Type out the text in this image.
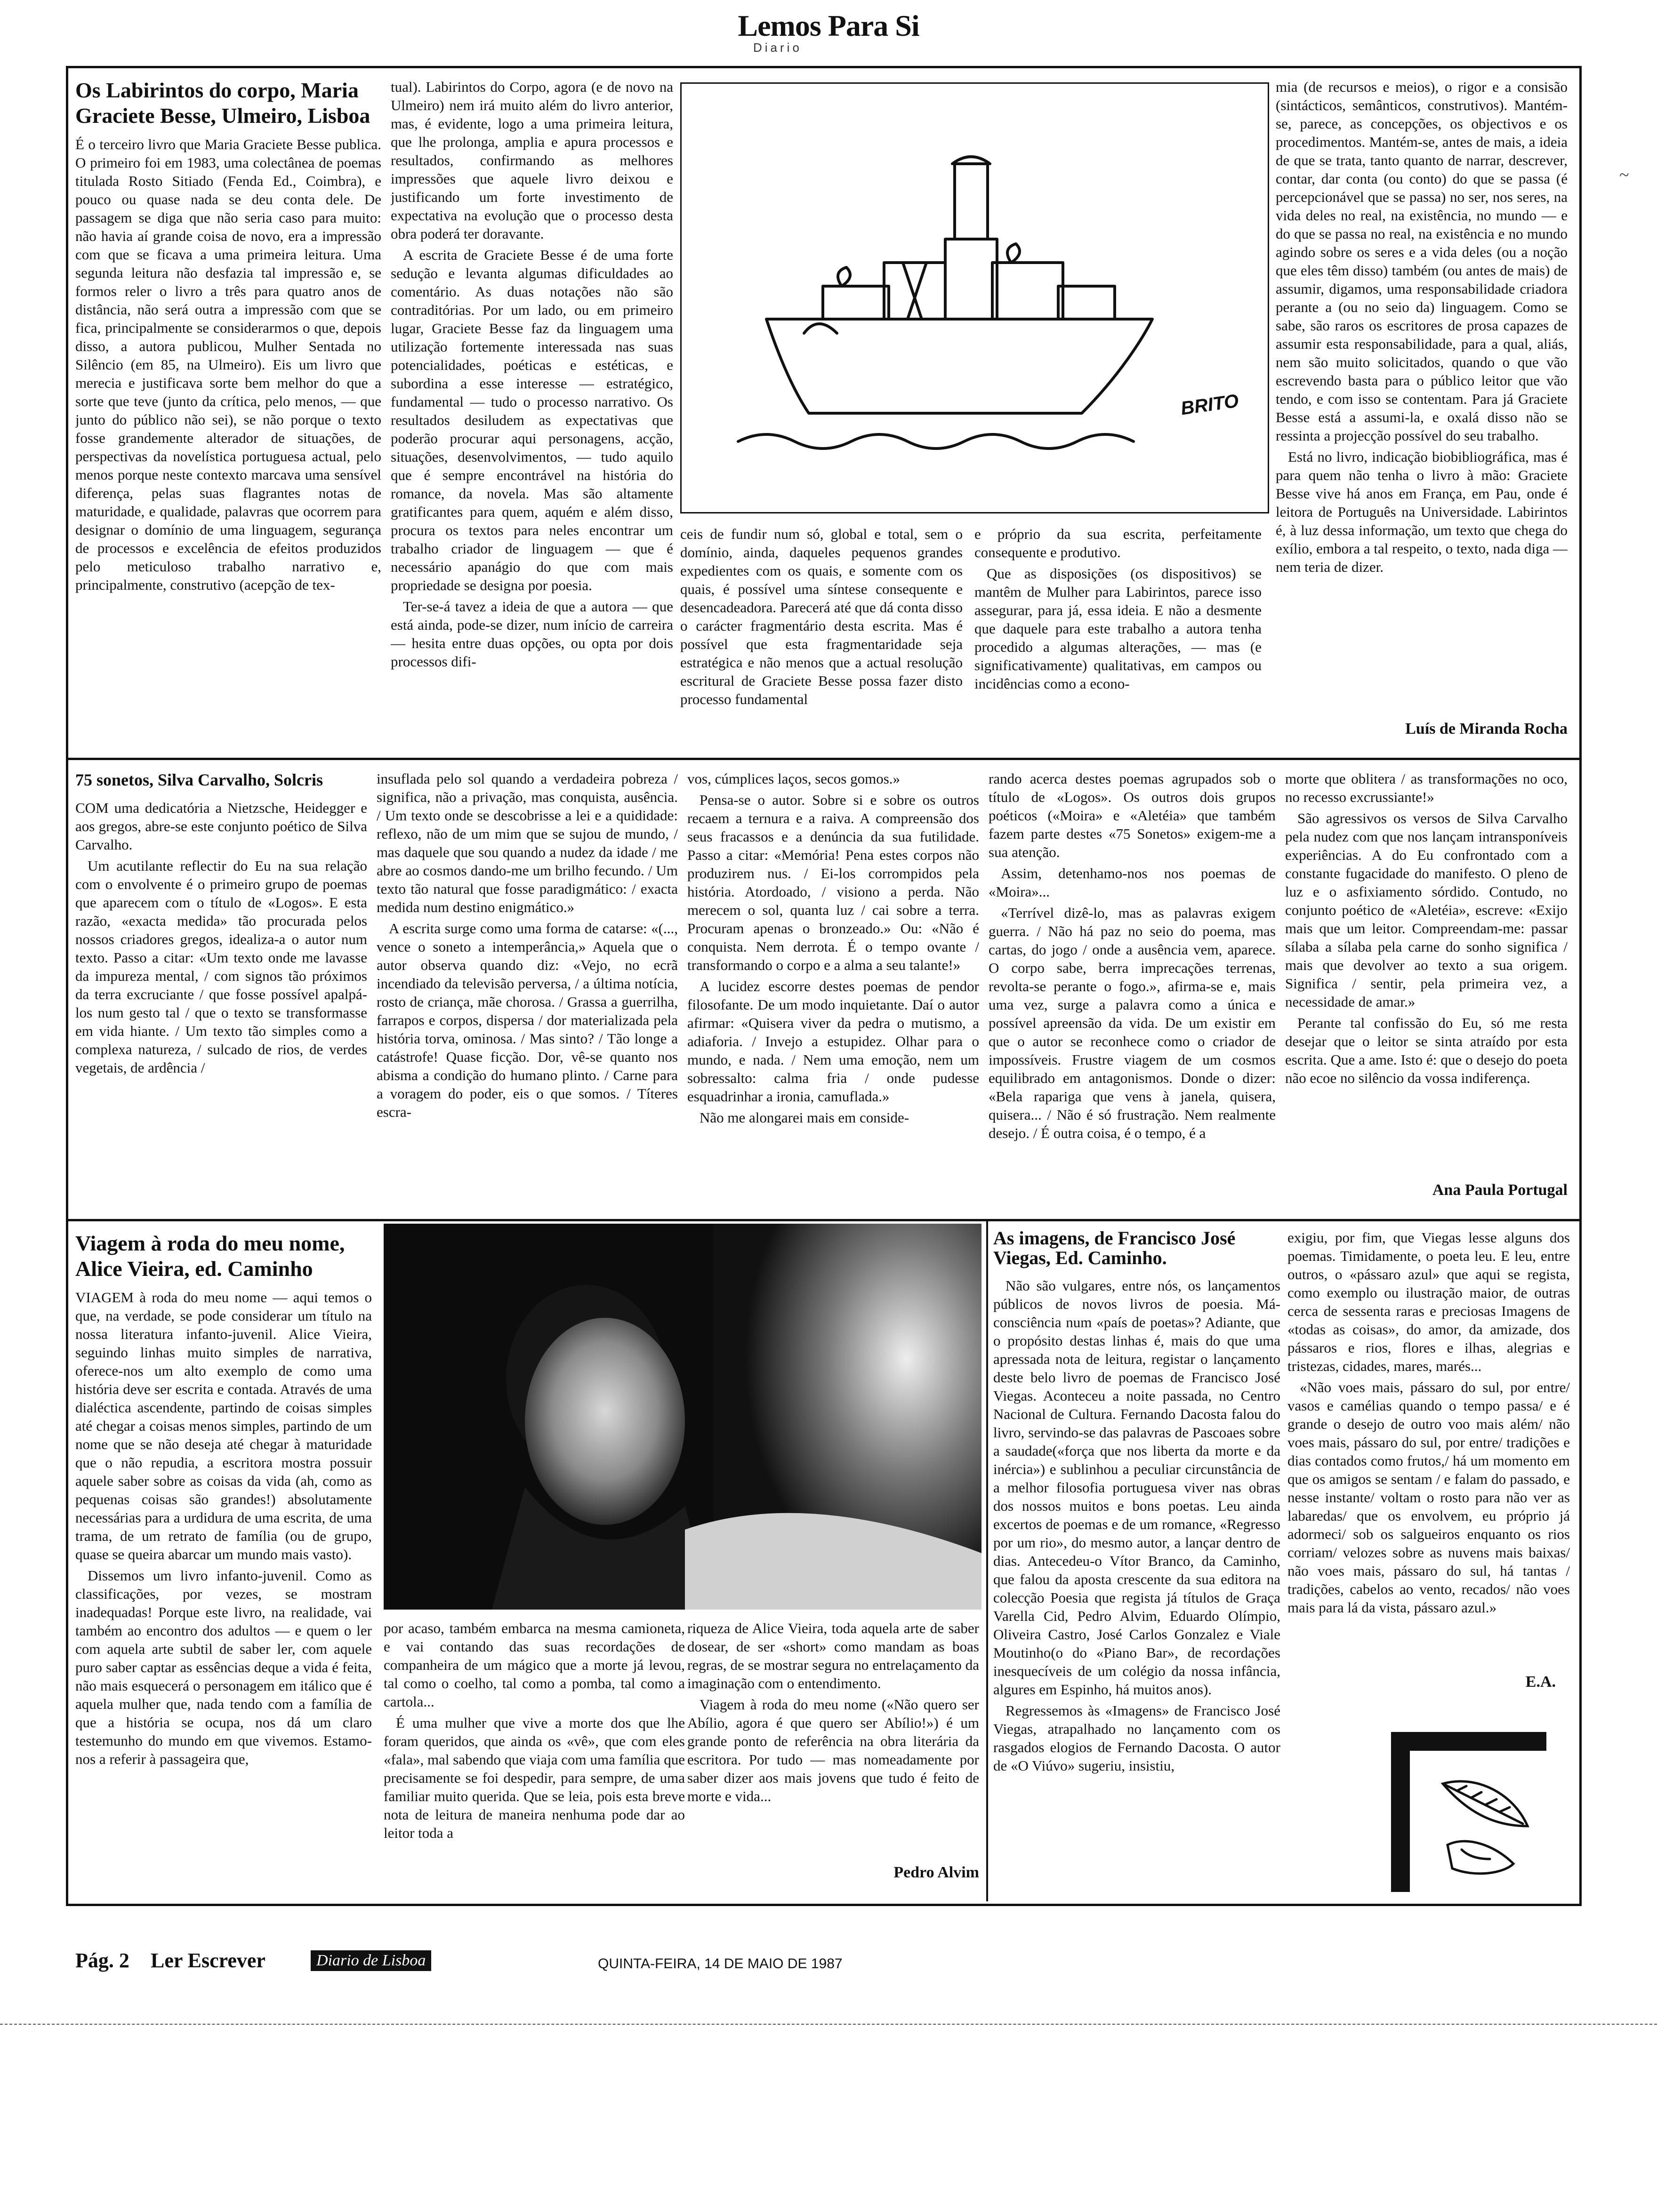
Lemos Para Si
Diario
~
Os Labirintos do corpo, Maria Graciete Besse, Ulmeiro, Lisboa

É o terceiro livro que Maria Graciete Besse publica. O primeiro foi em 1983, uma colectânea de poemas titulada Rosto Sitiado (Fenda Ed., Coimbra), e pouco ou quase nada se deu conta dele. De passagem se diga que não seria caso para muito: não havia aí grande coisa de novo, era a impressão com que se ficava a uma primeira leitura. Uma segunda leitura não desfazia tal impressão e, se formos reler o livro a três para quatro anos de distância, não será outra a impressão com que se fica, principalmente se considerarmos o que, depois disso, a autora publicou, Mulher Sentada no Silêncio (em 85, na Ulmeiro). Eis um livro que merecia e justificava sorte bem melhor do que a sorte que teve (junto da crítica, pelo menos, — que junto do público não sei), se não porque o texto fosse grandemente alterador de situações, de perspectivas da novelística portuguesa actual, pelo menos porque neste contexto marcava uma sensível diferença, pelas suas flagrantes notas de maturidade, e qualidade, palavras que ocorrem para designar o domínio de uma linguagem, segurança de processos e excelência de efeitos produzidos pelo meticuloso trabalho narrativo e, principalmente, construtivo (acepção de tex-

tual). Labirintos do Corpo, agora (e de novo na Ulmeiro) nem irá muito além do livro anterior, mas, é evidente, logo a uma primeira leitura, que lhe prolonga, amplia e apura processos e resultados, confirmando as melhores impressões que aquele livro deixou e justificando um forte investimento de expectativa na evolução que o processo desta obra poderá ter doravante.

A escrita de Graciete Besse é de uma forte sedução e levanta algumas dificuldades ao comentário. As duas notações não são contraditórias. Por um lado, ou em primeiro lugar, Graciete Besse faz da linguagem uma utilização fortemente interessada nas suas potencialidades, poéticas e estéticas, e subordina a esse interesse — estratégico, fundamental — tudo o processo narrativo. Os resultados desiludem as expectativas que poderão procurar aqui personagens, acção, situações, desenvolvimentos, — tudo aquilo que é sempre encontrável na história do romance, da novela. Mas são altamente gratificantes para quem, aquém e além disso, procura os textos para neles encontrar um trabalho criador de linguagem — que é necessário apanágio do que com mais propriedade se designa por poesia.

Ter-se-á tavez a ideia de que a autora — que está ainda, pode-se dizer, num início de carreira — hesita entre duas opções, ou opta por dois processos difi-

BRITO

ceis de fundir num só, global e total, sem o domínio, ainda, daqueles pequenos grandes expedientes com os quais, e somente com os quais, é possível uma síntese consequente e desencadeadora. Parecerá até que dá conta disso o carácter fragmentário desta escrita. Mas é possível que esta fragmentaridade seja estratégica e não menos que a actual resolução escritural de Graciete Besse possa fazer disto processo fundamental

e próprio da sua escrita, perfeitamente consequente e produtivo.

Que as disposições (os dispositivos) se mantêm de Mulher para Labirintos, parece isso assegurar, para já, essa ideia. E não a desmente que daquele para este trabalho a autora tenha procedido a algumas alterações, — mas (e significativamente) qualitativas, em campos ou incidências como a econo-

mia (de recursos e meios), o rigor e a consisão (sintácticos, semânticos, construtivos). Mantém-se, parece, as concepções, os objectivos e os procedimentos. Mantém-se, antes de mais, a ideia de que se trata, tanto quanto de narrar, descrever, contar, dar conta (ou conto) do que se passa (é percepcionável que se passa) no ser, nos seres, na vida deles no real, na existência, no mundo — e do que se passa no real, na existência e no mundo agindo sobre os seres e a vida deles (ou a noção que eles têm disso) também (ou antes de mais) de assumir, digamos, uma responsabilidade criadora perante a (ou no seio da) linguagem. Como se sabe, são raros os escritores de prosa capazes de assumir esta responsabilidade, para a qual, aliás, nem são muito solicitados, quando o que vão escrevendo basta para o público leitor que vão tendo, e com isso se contentam. Para já Graciete Besse está a assumi-la, e oxalá disso não se ressinta a projecção possível do seu trabalho.

Está no livro, indicação biobibliográfica, mas é para quem não tenha o livro à mão: Graciete Besse vive há anos em França, em Pau, onde é leitora de Português na Universidade. Labirintos é, à luz dessa informação, um texto que chega do exílio, embora a tal respeito, o texto, nada diga — nem teria de dizer.

Luís de Miranda Rocha
75 sonetos, Silva Carvalho, Solcris

COM uma dedicatória a Nietzsche, Heidegger e aos gregos, abre-se este conjunto poético de Silva Carvalho.

Um acutilante reflectir do Eu na sua relação com o envolvente é o primeiro grupo de poemas que aparecem com o título de «Logos». E esta razão, «exacta medida» tão procurada pelos nossos criadores gregos, idealiza-a o autor num texto. Passo a citar: «Um texto onde me lavasse da impureza mental, / com signos tão próximos da terra excruciante / que fosse possível apalpá-los num gesto tal / que o texto se transformasse em vida hiante. / Um texto tão simples como a complexa natureza, / sulcado de rios, de verdes vegetais, de ardência /

insuflada pelo sol quando a verdadeira pobreza / significa, não a privação, mas conquista, ausência. / Um texto onde se descobrisse a lei e a quididade: reflexo, não de um mim que se sujou de mundo, / mas daquele que sou quando a nudez da idade / me abre ao cosmos dando-me um brilho fecundo. / Um texto tão natural que fosse paradigmático: / exacta medida num destino enigmático.»

A escrita surge como uma forma de catarse: «(..., vence o soneto a intemperância,» Aquela que o autor observa quando diz: «Vejo, no ecrã incendiado da televisão perversa, / a última notícia, rosto de criança, mãe chorosa. / Grassa a guerrilha, farrapos e corpos, dispersa / dor materializada pela história torva, ominosa. / Mas sinto? / Tão longe a catástrofe! Quase ficção. Dor, vê-se quanto nos abisma a condição do humano plinto. / Carne para a voragem do poder, eis o que somos. / Títeres escra-

vos, cúmplices laços, secos gomos.»

Pensa-se o autor. Sobre si e sobre os outros recaem a ternura e a raiva. A compreensão dos seus fracassos e a denúncia da sua futilidade. Passo a citar: «Memória! Pena estes corpos não produzirem nus. / Ei-los corrompidos pela história. Atordoado, / visiono a perda. Não merecem o sol, quanta luz / cai sobre a terra. Procuram apenas o bronzeado.» Ou: «Não é conquista. Nem derrota. É o tempo ovante / transformando o corpo e a alma a seu talante!»

A lucidez escorre destes poemas de pendor filosofante. De um modo inquietante. Daí o autor afirmar: «Quisera viver da pedra o mutismo, a adiaforia. / Invejo a estupidez. Olhar para o mundo, e nada. / Nem uma emoção, nem um sobressalto: calma fria / onde pudesse esquadrinhar a ironia, camuflada.»

Não me alongarei mais em conside-

rando acerca destes poemas agrupados sob o título de «Logos». Os outros dois grupos poéticos («Moira» e «Aletéia» que também fazem parte destes «75 Sonetos» exigem-me a sua atenção.

Assim, detenhamo-nos nos poemas de «Moira»...

«Terrível dizê-lo, mas as palavras exigem guerra. / Não há paz no seio do poema, mas cartas, do jogo / onde a ausência vem, aparece. O corpo sabe, berra imprecações terrenas, revolta-se perante o fogo.», afirma-se e, mais uma vez, surge a palavra como a única e possível apreensão da vida. De um existir em que o autor se reconhece como o criador de impossíveis. Frustre viagem de um cosmos equilibrado em antagonismos. Donde o dizer: «Bela rapariga que vens à janela, quisera, quisera... / Não é só frustração. Nem realmente desejo. / É outra coisa, é o tempo, é a

morte que oblitera / as transformações no oco, no recesso excrussiante!»

São agressivos os versos de Silva Carvalho pela nudez com que nos lançam intransponíveis experiências. A do Eu confrontado com a constante fugacidade do manifesto. O pleno de luz e o asfixiamento sórdido. Contudo, no conjunto poético de «Aletéia», escreve: «Exijo mais que um leitor. Compreendam-me: passar sílaba a sílaba pela carne do sonho significa / mais que devolver ao texto a sua origem. Significa / sentir, pela primeira vez, a necessidade de amar.»

Perante tal confissão do Eu, só me resta desejar que o leitor se sinta atraído por esta escrita. Que a ame. Isto é: que o desejo do poeta não ecoe no silêncio da vossa indiferença.

Ana Paula Portugal
Viagem à roda do meu nome, Alice Vieira, ed. Caminho

VIAGEM à roda do meu nome — aqui temos o que, na verdade, se pode considerar um título na nossa literatura infanto-juvenil. Alice Vieira, seguindo linhas muito simples de narrativa, oferece-nos um alto exemplo de como uma história deve ser escrita e contada. Através de uma dialéctica ascendente, partindo de coisas simples até chegar a coisas menos simples, partindo de um nome que se não deseja até chegar à maturidade que o não repudia, a escritora mostra possuir aquele saber sobre as coisas da vida (ah, como as pequenas coisas são grandes!) absolutamente necessárias para a urdidura de uma escrita, de uma trama, de um retrato de família (ou de grupo, quase se queira abarcar um mundo mais vasto).

Dissemos um livro infanto-juvenil. Como as classificações, por vezes, se mostram inadequadas! Porque este livro, na realidade, vai também ao encontro dos adultos — e quem o ler com aquela arte subtil de saber ler, com aquele puro saber captar as essências deque a vida é feita, não mais esquecerá o personagem em itálico que é aquela mulher que, nada tendo com a família de que a história se ocupa, nos dá um claro testemunho do mundo em que vivemos. Estamo-nos a referir à passageira que,

por acaso, também embarca na mesma camioneta, e vai contando das suas recordações de companheira de um mágico que a morte já levou, tal como o coelho, tal como a pomba, tal como a cartola...

É uma mulher que vive a morte dos que lhe foram queridos, que ainda os «vê», que com eles «fala», mal sabendo que viaja com uma família que precisamente se foi despedir, para sempre, de uma familiar muito querida. Que se leia, pois esta breve nota de leitura de maneira nenhuma pode dar ao leitor toda a

riqueza de Alice Vieira, toda aquela arte de saber dosear, de ser «short» como mandam as boas regras, de se mostrar segura no entrelaçamento da imaginação com o entendimento.

Viagem à roda do meu nome («Não quero ser Abílio, agora é que quero ser Abílio!») é um grande ponto de referência na obra literária da escritora. Por tudo — mas nomeadamente por saber dizer aos mais jovens que tudo é feito de morte e vida...

Pedro Alvim
As imagens, de Francisco José Viegas, Ed. Caminho.

Não são vulgares, entre nós, os lançamentos públicos de novos livros de poesia. Má-consciência num «país de poetas»? Adiante, que o propósito destas linhas é, mais do que uma apressada nota de leitura, registar o lançamento deste belo livro de poemas de Francisco José Viegas. Aconteceu a noite passada, no Centro Nacional de Cultura. Fernando Dacosta falou do livro, servindo-se das palavras de Pascoaes sobre a saudade(«força que nos liberta da morte e da inércia») e sublinhou a peculiar circunstância de a melhor filosofia portuguesa viver nas obras dos nossos muitos e bons poetas. Leu ainda excertos de poemas e de um romance, «Regresso por um rio», do mesmo autor, a lançar dentro de dias. Antecedeu-o Vítor Branco, da Caminho, que falou da aposta crescente da sua editora na colecção Poesia que regista já títulos de Graça Varella Cid, Pedro Alvim, Eduardo Olímpio, Oliveira Castro, José Carlos Gonzalez e Viale Moutinho(o do «Piano Bar», de recordações inesquecíveis de um colégio da nossa infância, algures em Espinho, há muitos anos).

Regressemos às «Imagens» de Francisco José Viegas, atrapalhado no lançamento com os rasgados elogios de Fernando Dacosta. O autor de «O Viúvo» sugeriu, insistiu,

exigiu, por fim, que Viegas lesse alguns dos poemas. Timidamente, o poeta leu. E leu, entre outros, o «pássaro azul» que aqui se regista, como exemplo ou ilustração maior, de outras cerca de sessenta raras e preciosas Imagens de «todas as coisas», do amor, da amizade, dos pássaros e rios, flores e ilhas, alegrias e tristezas, cidades, mares, marés...

«Não voes mais, pássaro do sul, por entre/ vasos e camélias quando o tempo passa/ e é grande o desejo de outro voo mais além/ não voes mais, pássaro do sul, por entre/ tradições e dias contados como frutos,/ há um momento em que os amigos se sentam / e falam do passado, e nesse instante/ voltam o rosto para não ver as labaredas/ que os envolvem, eu próprio já adormeci/ sob os salgueiros enquanto os rios corriam/ velozes sobre as nuvens mais baixas/ não voes mais, pássaro do sul, há tantas / tradições, cabelos ao vento, recados/ não voes mais para lá da vista, pássaro azul.»

E.A.
Pág. 2 Ler Escrever	Diario de Lisboa	QUINTA-FEIRA, 14 DE MAIO DE 1987
